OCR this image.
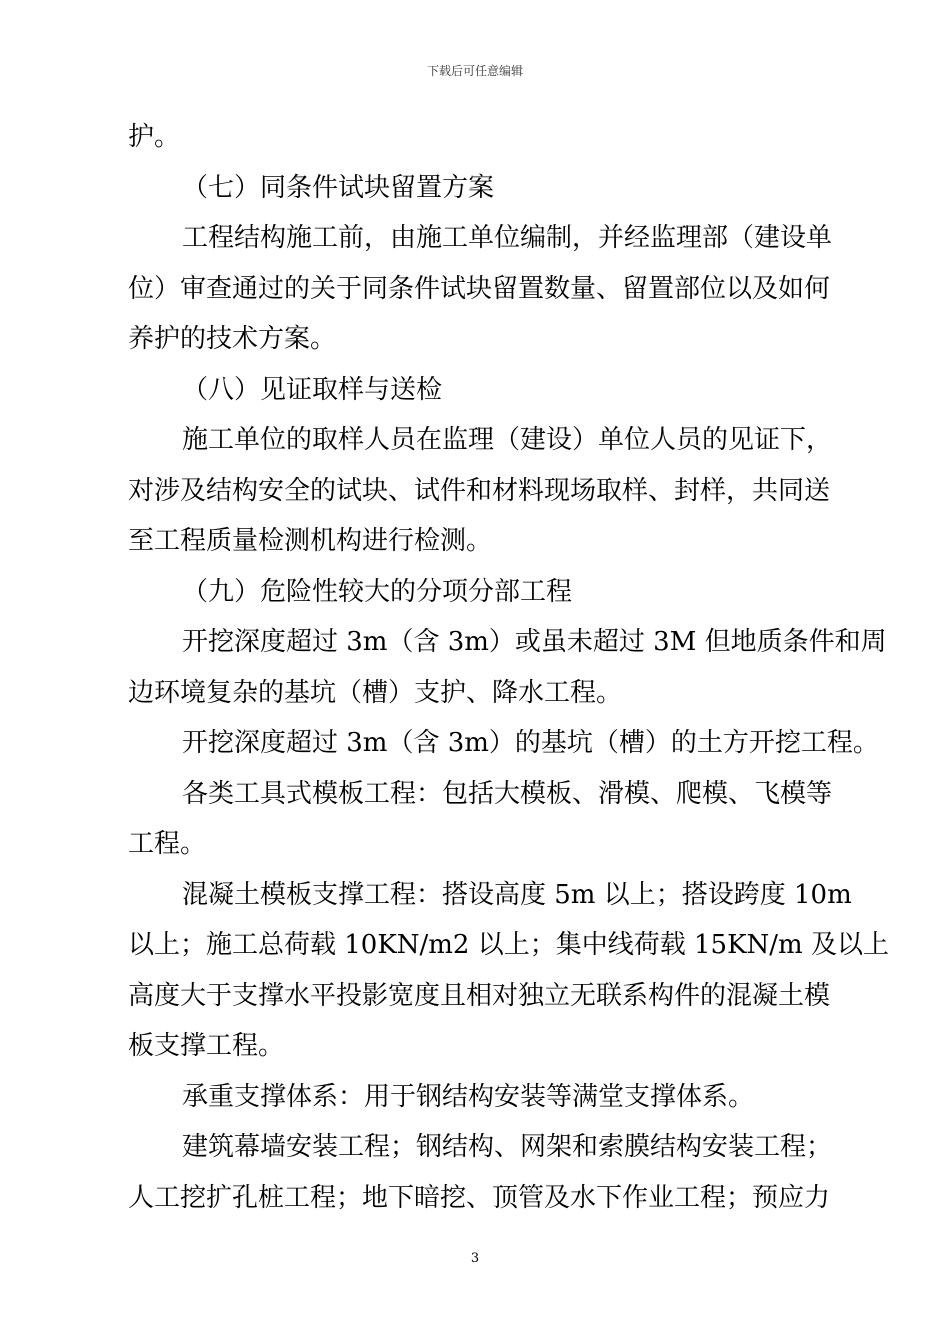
下载后可任意编辑
护。
（七）同条件试块留置方案
工程结构施工前，由施工单位编制，并经监理部（建设单
位）审查通过的关于同条件试块留置数量、留置部位以及如何
养护的技术方案。
（八）见证取样与送检
施工单位的取样人员在监理（建设）单位人员的见证下，
对涉及结构安全的试块、试件和材料现场取样、封样，共同送
至工程质量检测机构进行检测。
（九）危险性较大的分项分部工程
开挖深度超过 3m（含 3m）或虽未超过 3M 但地质条件和周
边环境复杂的基坑（槽）支护、降水工程。
开挖深度超过 3m（含 3m）的基坑（槽）的土方开挖工程。
各类工具式模板工程：包括大模板、滑模、爬模、飞模等
工程。
混凝土模板支撑工程：搭设高度 5m 以上；搭设跨度 10m
以上；施工总荷载 10KN/m2 以上；集中线荷载 15KN/m 及以上
高度大于支撑水平投影宽度且相对独立无联系构件的混凝土模
板支撑工程。
承重支撑体系：用于钢结构安装等满堂支撑体系。
建筑幕墙安装工程；钢结构、网架和索膜结构安装工程；
人工挖扩孔桩工程；地下暗挖、顶管及水下作业工程；预应力
3
